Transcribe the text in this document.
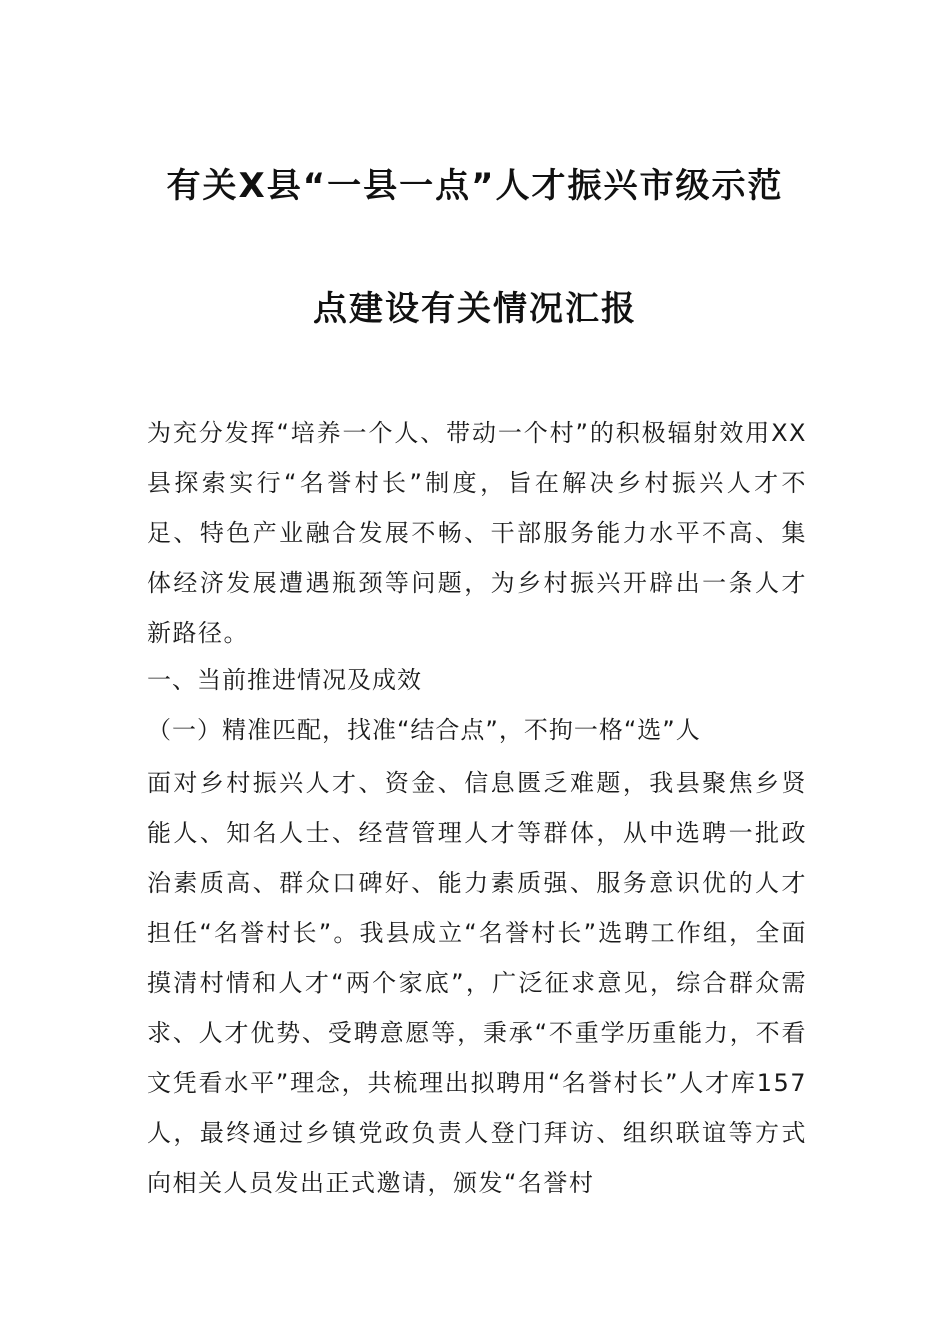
有关X县“一县一点”人才振兴市级示范
点建设有关情况汇报

为充分发挥“培养一个人、带动一个村”的积极辐射效用XX县探索实行“名誉村长”制度，旨在解决乡村振兴人才不足、特色产业融合发展不畅、干部服务能力水平不高、集体经济发展遭遇瓶颈等问题，为乡村振兴开辟出一条人才新路径。

一、当前推进情况及成效
（一）精准匹配，找准“结合点”，不拘一格“选”人

面对乡村振兴人才、资金、信息匮乏难题，我县聚焦乡贤能人、知名人士、经营管理人才等群体，从中选聘一批政治素质高、群众口碑好、能力素质强、服务意识优的人才担任“名誉村长”。我县成立“名誉村长”选聘工作组，全面摸清村情和人才“两个家底”，广泛征求意见，综合群众需求、人才优势、受聘意愿等，秉承“不重学历重能力，不看文凭看水平”理念，共梳理出拟聘用“名誉村长”人才库157人，最终通过乡镇党政负责人登门拜访、组织联谊等方式向相关人员发出正式邀请，颁发“名誉村
